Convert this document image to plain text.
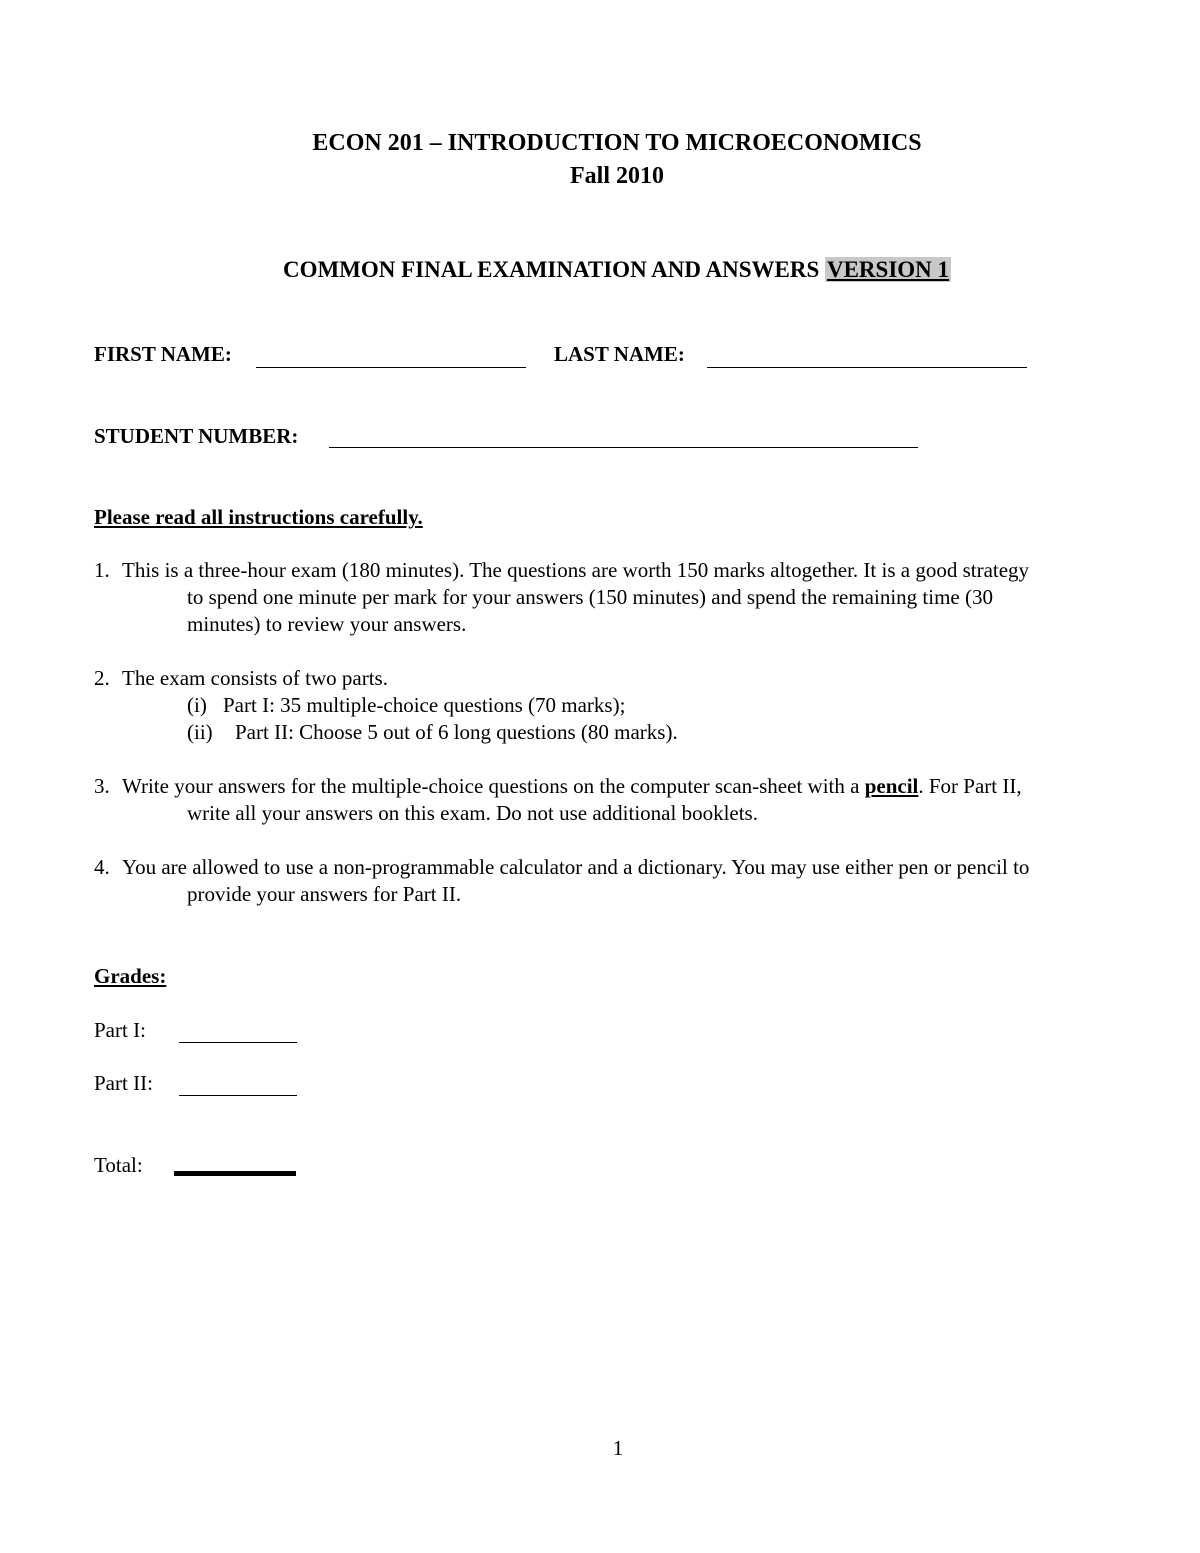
ECON 201 – INTRODUCTION TO MICROECONOMICS
Fall 2010
COMMON FINAL EXAMINATION AND ANSWERS VERSION 1
FIRST NAME:	LAST NAME:
STUDENT NUMBER:
Please read all instructions carefully.
1. This is a three-hour exam (180 minutes). The questions are worth 150 marks altogether. It is a good strategy
to spend one minute per mark for your answers (150 minutes) and spend the remaining time (30
minutes) to review your answers.
2. The exam consists of two parts.
(i) Part I: 35 multiple-choice questions (70 marks);
(ii) Part II: Choose 5 out of 6 long questions (80 marks).
3. Write your answers for the multiple-choice questions on the computer scan-sheet with a pencil. For Part II,
write all your answers on this exam. Do not use additional booklets.
4. You are allowed to use a non-programmable calculator and a dictionary. You may use either pen or pencil to
provide your answers for Part II.
Grades:
Part I:
Part II:
Total:
1
